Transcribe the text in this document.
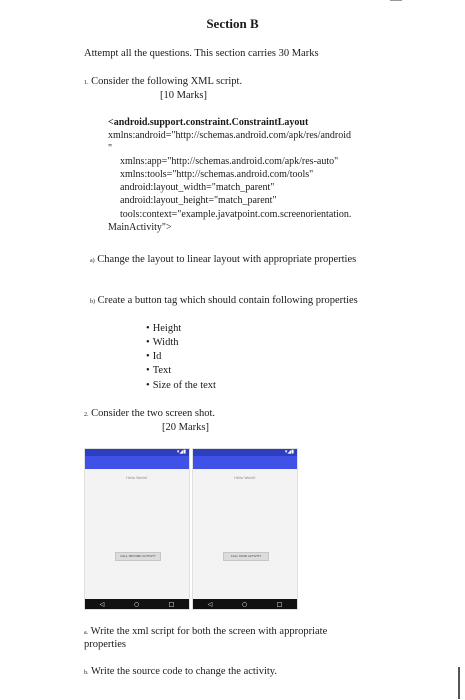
Section B
Attempt all the questions. This section carries 30 Marks
1. Consider the following XML script.
[10 Marks]
<android.support.constraint.ConstraintLayout
xmlns:android="http://schemas.android.com/apk/res/android
"
xmlns:app="http://schemas.android.com/apk/res-auto"
xmlns:tools="http://schemas.android.com/tools"
android:layout_width="match_parent"
android:layout_height="match_parent"
tools:context="example.javatpoint.com.screenorientation.
MainActivity">
a) Change the layout to linear layout with appropriate properties
b) Create a button tag which should contain following properties
• Height
• Width
• Id
• Text
• Size of the text
2. Consider the two screen shot.
[20 Marks]
▾◢▮
Hello World!
CALL SECOND ACTIVITY
◁	○	□
▾◢▮
Hello World!
CALL MAIN ACTIVITY
◁	○	□
a. Write the xml script for both the screen with appropriate
properties
b. Write the source code to change the activity.
